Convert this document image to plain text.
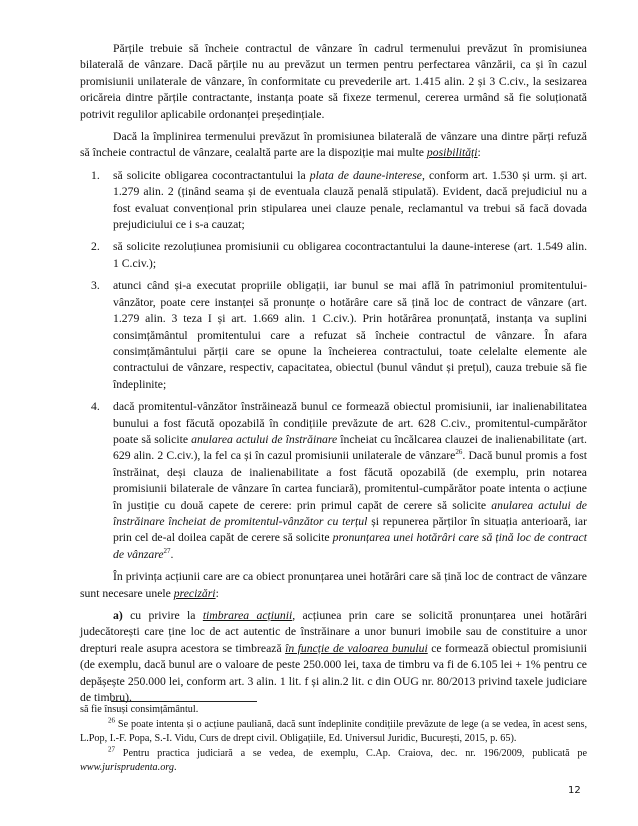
Părțile trebuie să încheie contractul de vânzare în cadrul termenului prevăzut în promisiunea bilaterală de vânzare. Dacă părțile nu au prevăzut un termen pentru perfectarea vânzării, ca și în cazul promisiunii unilaterale de vânzare, în conformitate cu prevederile art. 1.415 alin. 2 și 3 C.civ., la sesizarea oricăreia dintre părțile contractante, instanța poate să fixeze termenul, cererea urmând să fie soluționată potrivit regulilor aplicabile ordonanței președințiale.

Dacă la împlinirea termenului prevăzut în promisiunea bilaterală de vânzare una dintre părți refuză să încheie contractul de vânzare, cealaltă parte are la dispoziție mai multe posibilități:

1. să solicite obligarea cocontractantului la plata de daune-interese, conform art. 1.530 și urm. și art. 1.279 alin. 2 (ținând seama și de eventuala clauză penală stipulată). Evident, dacă prejudiciul nu a fost evaluat convențional prin stipularea unei clauze penale, reclamantul va trebui să facă dovada prejudiciului ce i s-a cauzat;
2. să solicite rezoluțiunea promisiunii cu obligarea cocontractantului la daune-interese (art. 1.549 alin. 1 C.civ.);
3. atunci când și-a executat propriile obligații, iar bunul se mai află în patrimoniul promitentului-vânzător, poate cere instanței să pronunțe o hotărâre care să țină loc de contract de vânzare (art. 1.279 alin. 3 teza I și art. 1.669 alin. 1 C.civ.). Prin hotărârea pronunțată, instanța va suplini consimțământul promitentului care a refuzat să încheie contractul de vânzare. În afara consimțământului părții care se opune la încheierea contractului, toate celelalte elemente ale contractului de vânzare, respectiv, capacitatea, obiectul (bunul vândut și prețul), cauza trebuie să fie îndeplinite;
4. dacă promitentul-vânzător înstrăinează bunul ce formează obiectul promisiunii, iar inalienabilitatea bunului a fost făcută opozabilă în condițiile prevăzute de art. 628 C.civ., promitentul-cumpărător poate să solicite anularea actului de înstrăinare încheiat cu încălcarea clauzei de inalienabilitate (art. 629 alin. 2 C.civ.), la fel ca și în cazul promisiunii unilaterale de vânzare$^{26}$. Dacă bunul promis a fost înstrăinat, deși clauza de inalienabilitate a fost făcută opozabilă (de exemplu, prin notarea promisiunii bilaterale de vânzare în cartea funciară), promitentul-cumpărător poate intenta o acțiune în justiție cu două capete de cerere: prin primul capăt de cerere să solicite anularea actului de înstrăinare încheiat de promitentul-vânzător cu terțul și repunerea părților în situația anterioară, iar prin cel de-al doilea capăt de cerere să solicite pronunțarea unei hotărâri care să țină loc de contract de vânzare$^{27}$.

În privința acțiunii care are ca obiect pronunțarea unei hotărâri care să țină loc de contract de vânzare sunt necesare unele precizări:

a) cu privire la timbrarea acțiunii, acțiunea prin care se solicită pronunțarea unei hotărâri judecătorești care ține loc de act autentic de înstrăinare a unor bunuri imobile sau de constituire a unor drepturi reale asupra acestora se timbrează în funcție de valoarea bunului ce formează obiectul promisiunii (de exemplu, dacă bunul are o valoare de peste 250.000 lei, taxa de timbru va fi de 6.105 lei + 1% pentru ce depășește 250.000 lei, conform art. 3 alin. 1 lit. f și alin.2 lit. c din OUG nr. 80/2013 privind taxele judiciare de timbru).

să fie însuși consimțământul.

$^{26}$ Se poate intenta și o acțiune pauliană, dacă sunt îndeplinite condițiile prevăzute de lege (a se vedea, în acest sens, L.Pop, I.-F. Popa, S.-I. Vidu, Curs de drept civil. Obligațiile, Ed. Universul Juridic, București, 2015, p. 65).

$^{27}$ Pentru practica judiciară a se vedea, de exemplu, C.Ap. Craiova, dec. nr. 196/2009, publicată pe www.jurisprudenta.org.

12
